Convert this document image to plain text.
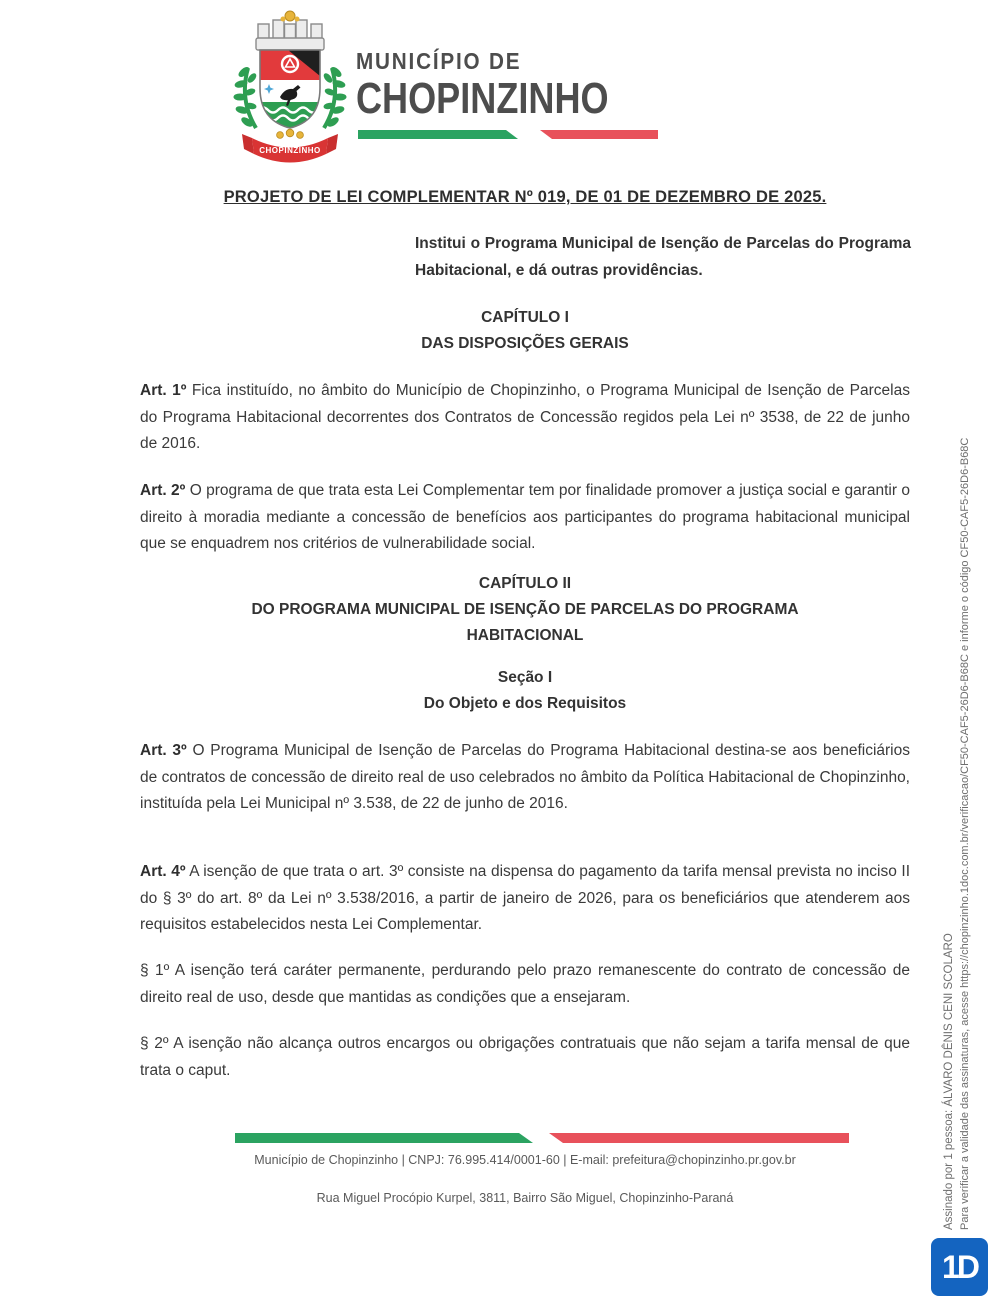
CHOPINZINHO
MUNICÍPIO DE
CHOPINZINHO
PROJETO DE LEI COMPLEMENTAR Nº 019, DE 01 DE DEZEMBRO DE 2025.
Institui o Programa Municipal de Isenção de Parcelas do Programa Habitacional, e dá outras providências.
CAPÍTULO I
DAS DISPOSIÇÕES GERAIS

Art. 1º Fica instituído, no âmbito do Município de Chopinzinho, o Programa Municipal de Isenção de Parcelas do Programa Habitacional decorrentes dos Contratos de Concessão regidos pela Lei nº 3538, de 22 de junho de 2016.

Art. 2º O programa de que trata esta Lei Complementar tem por finalidade promover a justiça social e garantir o direito à moradia mediante a concessão de benefícios aos participantes do programa habitacional municipal que se enquadrem nos critérios de vulnerabilidade social.

CAPÍTULO II
DO PROGRAMA MUNICIPAL DE ISENÇÃO DE PARCELAS DO PROGRAMA
HABITACIONAL
Seção I
Do Objeto e dos Requisitos

Art. 3º O Programa Municipal de Isenção de Parcelas do Programa Habitacional destina-se aos beneficiários de contratos de concessão de direito real de uso celebrados no âmbito da Política Habitacional de Chopinzinho, instituída pela Lei Municipal nº 3.538, de 22 de junho de 2016.

Art. 4º A isenção de que trata o art. 3º consiste na dispensa do pagamento da tarifa mensal prevista no inciso II do § 3º do art. 8º da Lei nº 3.538/2016, a partir de janeiro de 2026, para os beneficiários que atenderem aos requisitos estabelecidos nesta Lei Complementar.

§ 1º A isenção terá caráter permanente, perdurando pelo prazo remanescente do contrato de concessão de direito real de uso, desde que mantidas as condições que a ensejaram.

§ 2º A isenção não alcança outros encargos ou obrigações contratuais que não sejam a tarifa mensal de que trata o caput.

Município de Chopinzinho | CNPJ: 76.995.414/0001-60 | E-mail: prefeitura@chopinzinho.pr.gov.br
Rua Miguel Procópio Kurpel, 3811, Bairro São Miguel, Chopinzinho-Paraná	Assinado por 1 pessoa: ÁLVARO DÊNIS CENI SCOLARO Para verificar a validade das assinaturas, acesse https://chopinzinho.1doc.com.br/verificacao/CF50-CAF5-26D6-B68C e informe o código CF50-CAF5-26D6-B68C
1D
